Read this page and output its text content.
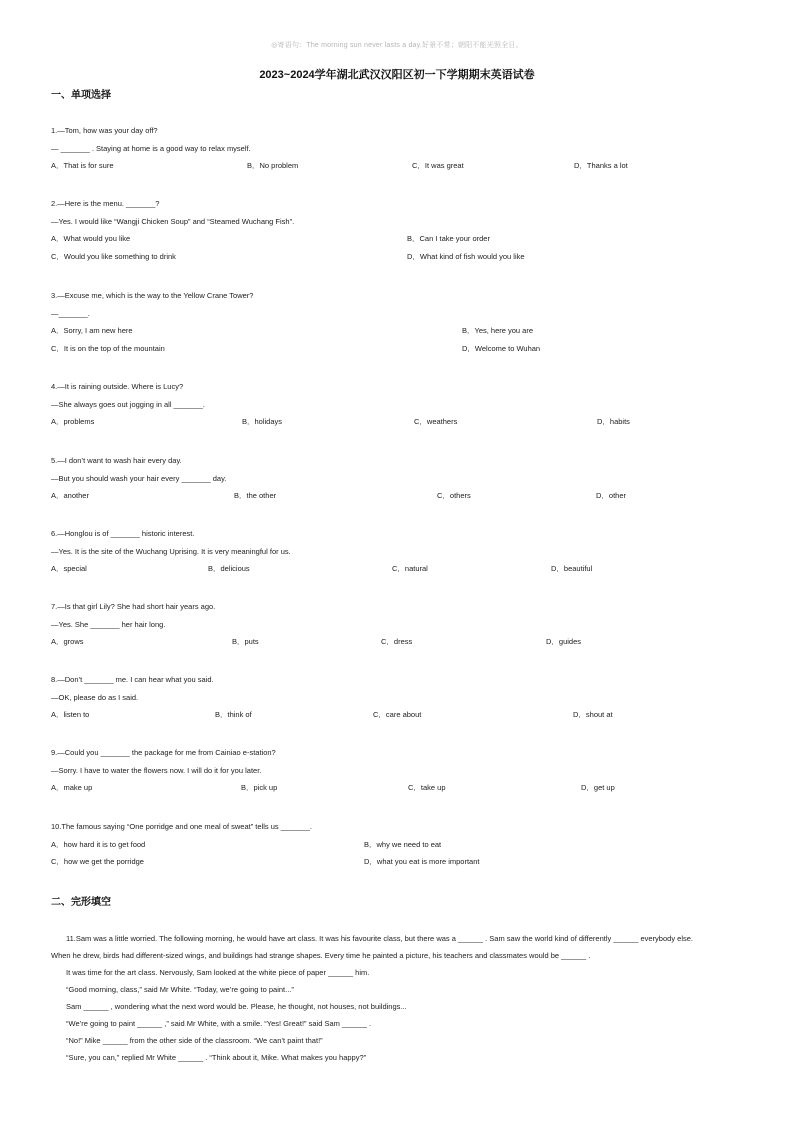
◎寄语句：The morning sun never lasts a day.好景不常；朝阳不能光照全日。
2023~2024学年湖北武汉汉阳区初一下学期期末英语试卷
一、单项选择
1.—Tom, how was your day off?
— _______ . Staying at home is a good way to relax myself.
A．That is for sure	B．No problem	C．It was great	D．Thanks a lot
2.—Here is the menu. _______?
—Yes. I would like “Wangji Chicken Soup” and “Steamed Wuchang Fish”.
A．What would you like	B．Can I take your order
C．Would you like something to drink	D．What kind of fish would you like
3.—Excuse me, which is the way to the Yellow Crane Tower?
—_______.
A．Sorry, I am new here	B．Yes, here you are
C．It is on the top of the mountain	D．Welcome to Wuhan
4.—It is raining outside. Where is Lucy?
—She always goes out jogging in all _______.
A．problems	B．holidays	C．weathers	D．habits
5.—I don’t want to wash hair every day.
—But you should wash your hair every _______ day.
A．another	B．the other	C．others	D．other
6.—Honglou is of _______ historic interest.
—Yes. It is the site of the Wuchang Uprising. It is very meaningful for us.
A．special	B．delicious	C．natural	D．beautiful
7.—Is that girl Lily? She had short hair years ago.
—Yes. She _______ her hair long.
A．grows	B．puts	C．dress	D．guides
8.—Don’t _______ me. I can hear what you said.
—OK, please do as I said.
A．listen to	B．think of	C．care about	D．shout at
9.—Could you _______ the package for me from Cainiao e-station?
—Sorry. I have to water the flowers now. I will do it for you later.
A．make up	B．pick up	C．take up	D．get up
10.The famous saying “One porridge and one meal of sweat” tells us _______.
A．how hard it is to get food	B．why we need to eat
C．how we get the porridge	D．what you eat is more important
二、完形填空
11.Sam was a little worried. The following morning, he would have art class. It was his favourite class, but there was a ______ . Sam saw the world kind of differently ______ everybody else.
When he drew, birds had different-sized wings, and buildings had strange shapes. Every time he painted a picture, his teachers and classmates would be ______ .
It was time for the art class. Nervously, Sam looked at the white piece of paper ______ him.
“Good morning, class,” said Mr White. “Today, we’re going to paint...”
Sam ______ , wondering what the next word would be. Please, he thought, not houses, not buildings...
“We’re going to paint ______ ,” said Mr White, with a smile. “Yes! Great!” said Sam ______ .
“No!” Mike ______ from the other side of the classroom. “We can’t paint that!”
“Sure, you can,” replied Mr White ______ . “Think about it, Mike. What makes you happy?”
